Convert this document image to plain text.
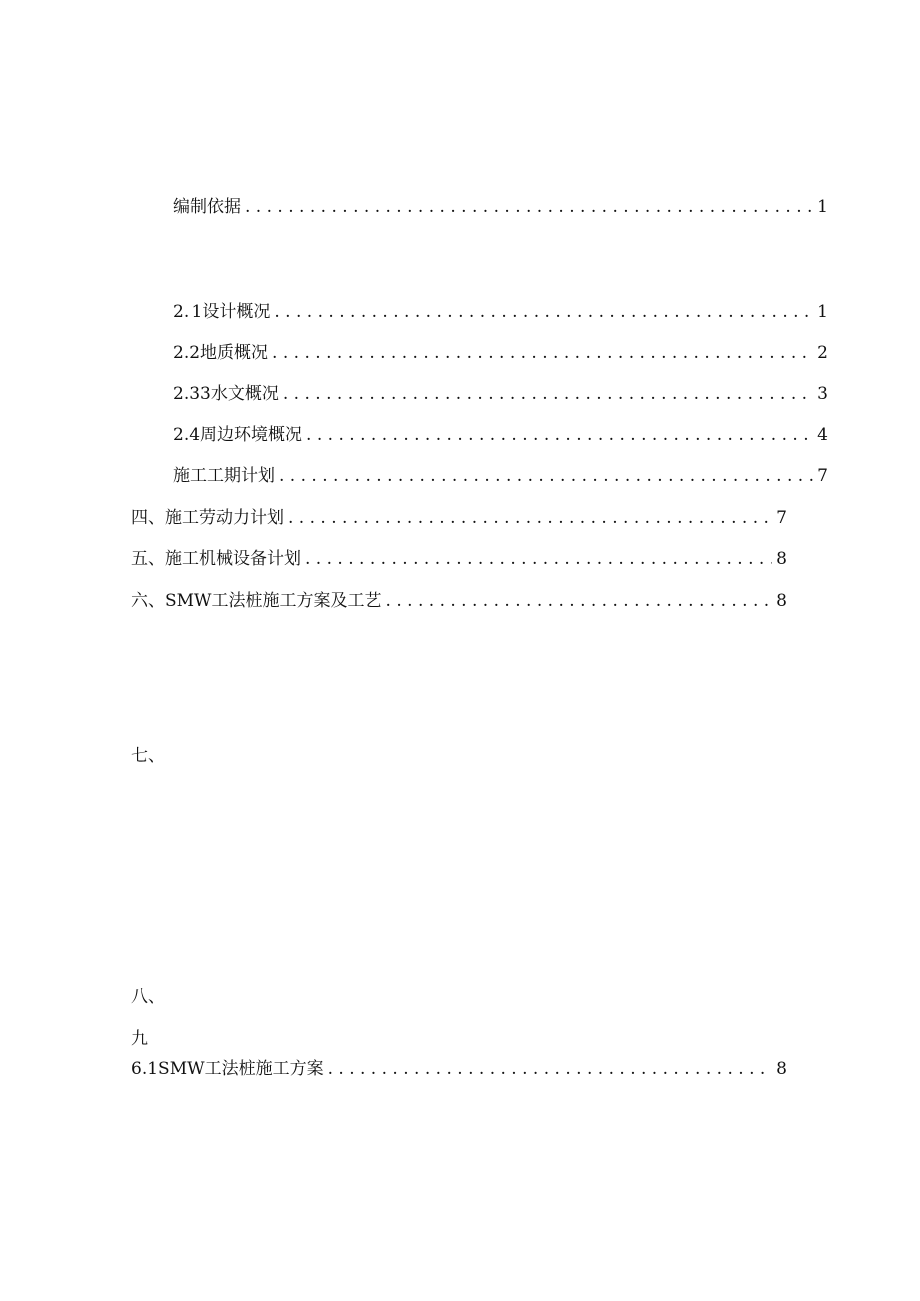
编制依据 . . .	1
2. 1设计概况 . . .	1
2.2 地质概况 . . .	2
2.3 3水文概况 . . .	3
2.4 周边环境概况 . . .	4
施工工期计划 . . .	7
四、 施工劳动力计划 . . .	7
五、 施工机械设备计划 . . .	8
六、 SMW工法桩施工方案及工艺 . . .	8
七、
八、
九
6. 1SMW工法桩施工方案 . . .	8
